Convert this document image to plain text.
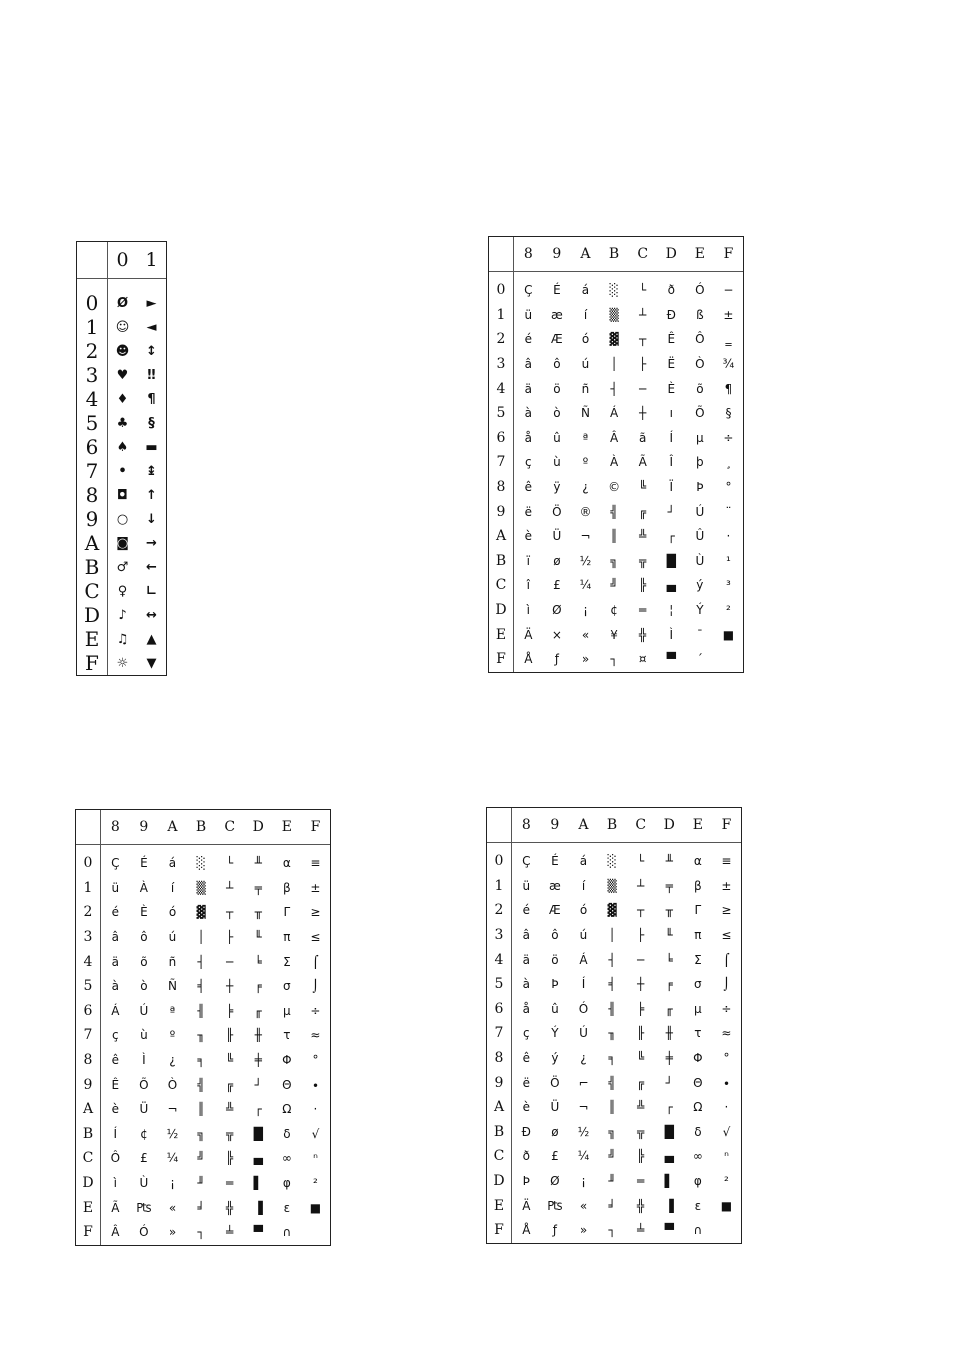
	0	1

0	Ø	►
1	☺	◄
2	☻	↕
3	♥	‼
4	♦	¶
5	♣	§
6	♠	▬
7	•	↨
8	◘	↑
9	○	↓
A	◙	→
B	♂	←
C	♀	∟
D	♪	↔
E	♫	▲
F	☼	▼
	8	9	A	B	C	D	E	F

0	Ç	É	á	░	└	ð	Ó	−
1	ü	æ	í	▒	┴	Ð	ß	±
2	é	Æ	ó	▓	┬	Ê	Ô	‗
3	â	ô	ú	│	├	Ë	Ò	¾
4	ä	ö	ñ	┤	─	È	õ	¶
5	à	ò	Ñ	Á	┼	ı	Õ	§
6	å	û	ª	Â	ã	Í	µ	÷
7	ç	ù	º	À	Ã	Î	þ	¸
8	ê	ÿ	¿	©	╚	Ï	Þ	°
9	ë	Ö	®	╣	╔	┘	Ú	¨
A	è	Ü	¬	║	╩	┌	Û	·
B	ï	ø	½	╗	╦	█	Ù	¹
C	î	£	¼	╝	╠	▄	ý	³
D	ì	Ø	¡	¢	═	¦	Ý	²
E	Ä	×	«	¥	╬	Ì	¯	■
F	Å	ƒ	»	┐	¤	▀	´	
	8	9	A	B	C	D	E	F

0	Ç	É	á	░	└	╨	α	≡
1	ü	À	í	▒	┴	╤	β	±
2	é	È	ó	▓	┬	╥	Γ	≥
3	â	ô	ú	│	├	╙	π	≤
4	ä	õ	ñ	┤	─	╘	Σ	⌠
5	à	ò	Ñ	╡	┼	╒	σ	⌡
6	Á	Ú	ª	╢	╞	╓	µ	÷
7	ç	ù	º	╖	╟	╫	τ	≈
8	ê	Ì	¿	╕	╚	╪	Φ	°
9	Ê	Õ	Ò	╣	╔	┘	Θ	∙
A	è	Ü	¬	║	╩	┌	Ω	·
B	Í	¢	½	╗	╦	█	δ	√
C	Ô	£	¼	╝	╠	▄	∞	ⁿ
D	ì	Ù	¡	╜	═	▌	φ	²
E	Ã	₧	«	╛	╬	▐	ε	■
F	Â	Ó	»	┐	╧	▀	∩	
	8	9	A	B	C	D	E	F

0	Ç	É	á	░	└	╨	α	≡
1	ü	æ	í	▒	┴	╤	β	±
2	é	Æ	ó	▓	┬	╥	Γ	≥
3	â	ô	ú	│	├	╙	π	≤
4	ä	ö	Á	┤	─	╘	Σ	⌠
5	à	Þ	Í	╡	┼	╒	σ	⌡
6	å	û	Ó	╢	╞	╓	µ	÷
7	ç	Ý	Ú	╖	╟	╫	τ	≈
8	ê	ý	¿	╕	╚	╪	Φ	°
9	ë	Ö	⌐	╣	╔	┘	Θ	∙
A	è	Ü	¬	║	╩	┌	Ω	·
B	Ð	ø	½	╗	╦	█	δ	√
C	ð	£	¼	╝	╠	▄	∞	ⁿ
D	Þ	Ø	¡	╜	═	▌	φ	²
E	Ä	₧	«	╛	╬	▐	ε	■
F	Å	ƒ	»	┐	╧	▀	∩	
